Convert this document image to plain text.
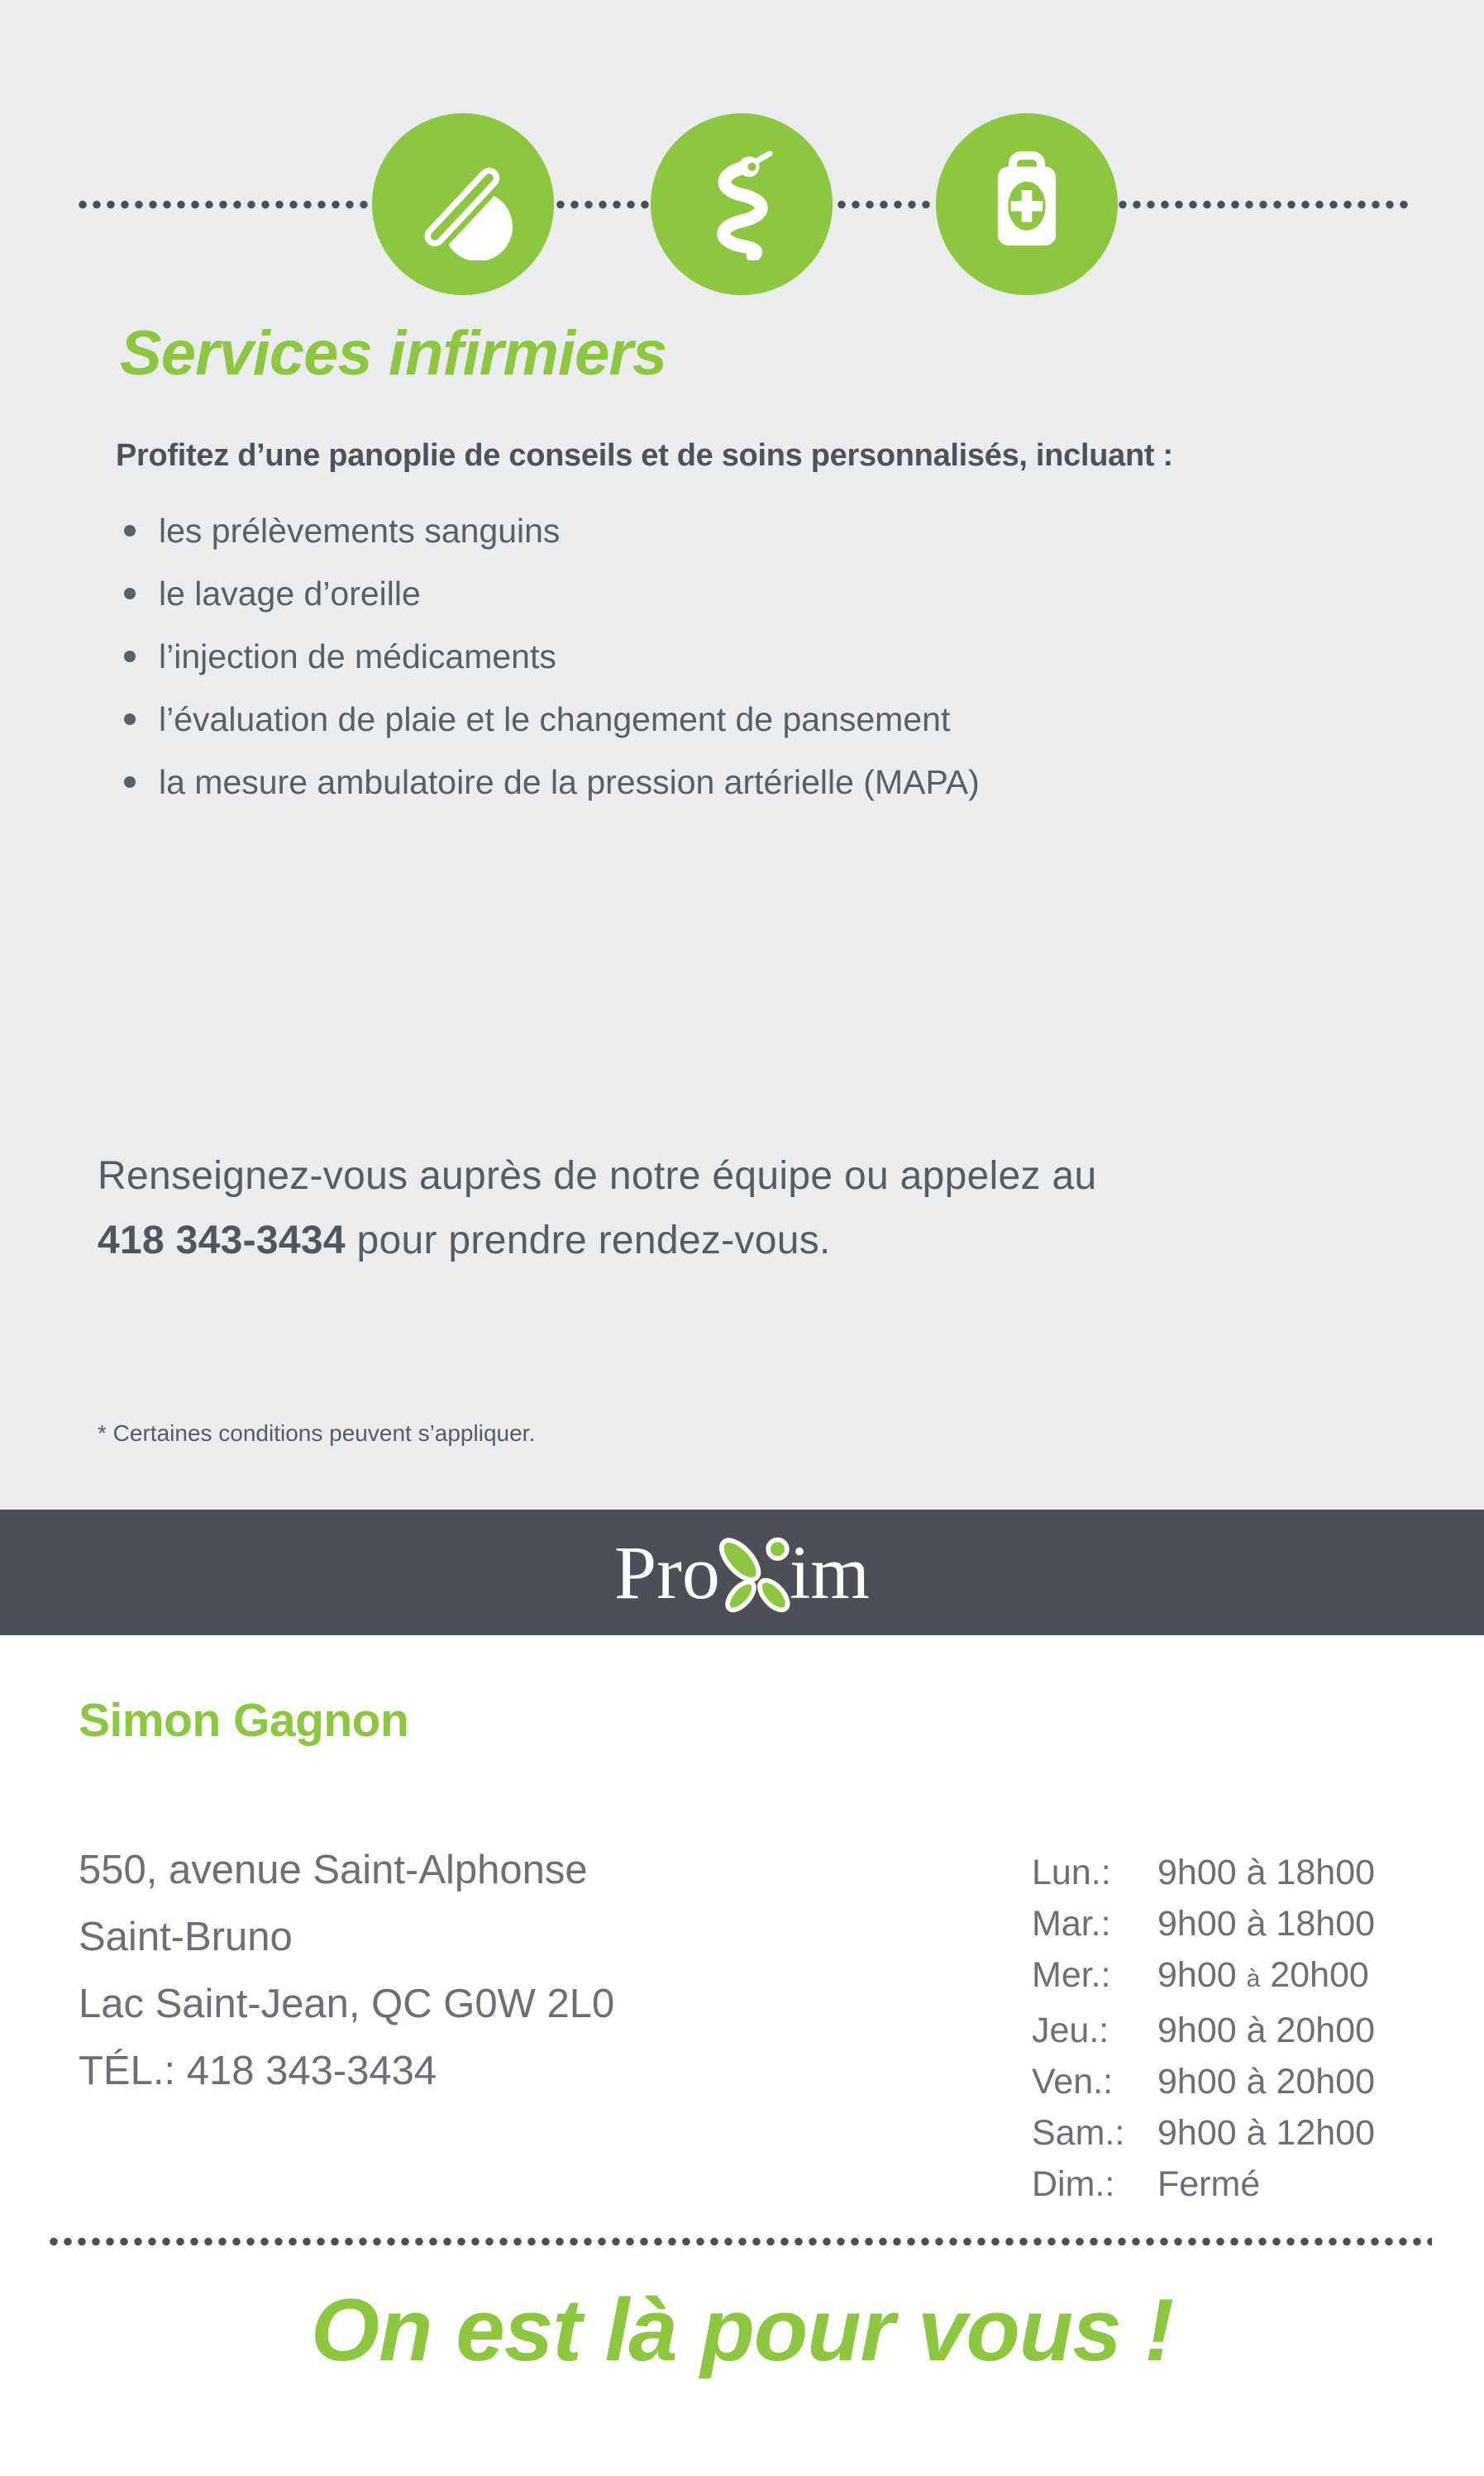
Services infirmiers
Profitez d’une panoplie de conseils et de soins personnalisés, incluant :
les prélèvements sanguins
le lavage d’oreille
l’injection de médicaments
l’évaluation de plaie et le changement de pansement
la mesure ambulatoire de la pression artérielle (MAPA)
Renseignez-vous auprès de notre équipe ou appelez au
418 343-3434 pour prendre rendez-vous.
* Certaines conditions peuvent s’appliquer.
Pro im
Simon Gagnon
550, avenue Saint-Alphonse
Saint-Bruno
Lac Saint-Jean, QC G0W 2L0
TÉL.: 418 343-3434
Lun.:	9h00 à 18h00
Mar.:	9h00 à 18h00
Mer.:	9h00 à 20h00
Jeu.:	9h00 à 20h00
Ven.:	9h00 à 20h00
Sam.: 9h00 à 12h00
Dim.:	Fermé
On est là pour vous !
